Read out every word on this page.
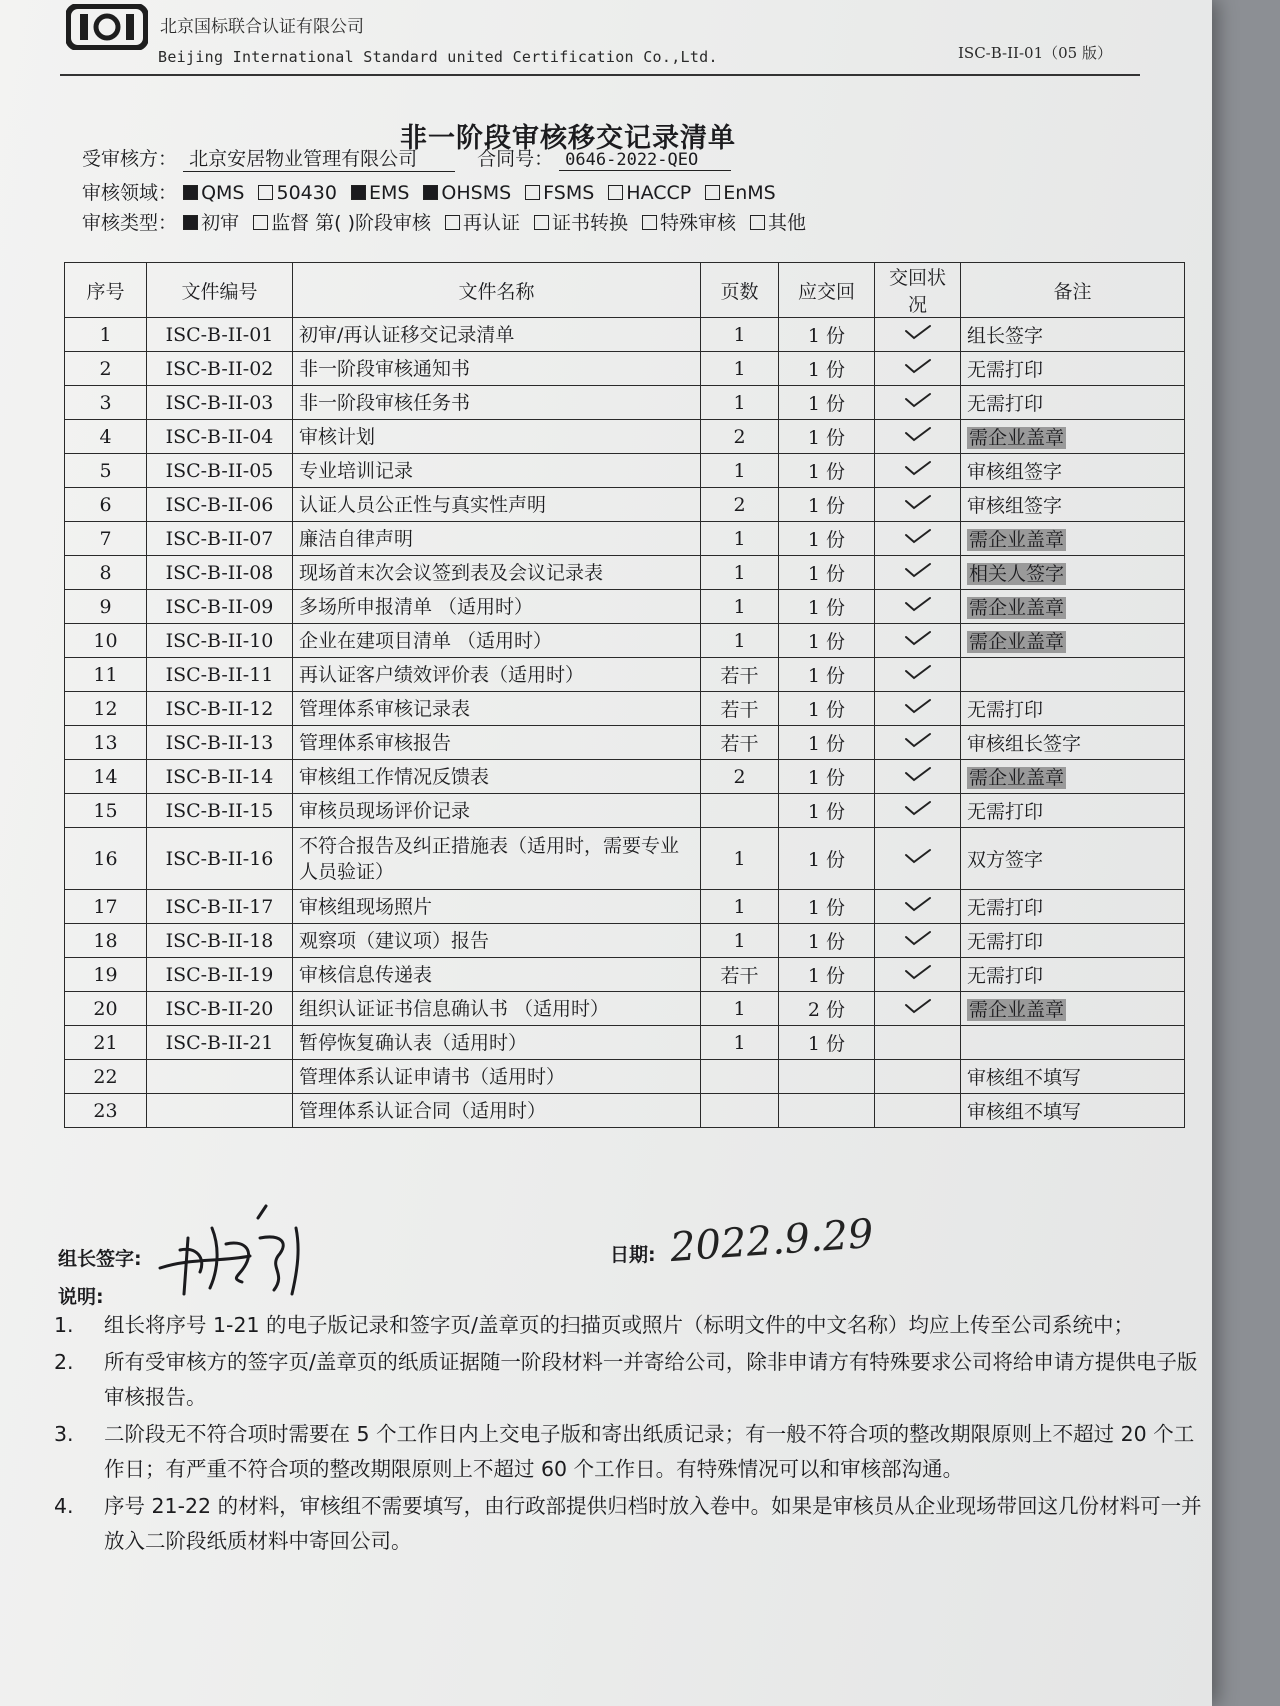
北京国标联合认证有限公司
Beijing International Standard united Certification Co.,Ltd.	ISC-B-II-01（05 版）
非一阶段审核移交记录清单
受审核方： 北京安居物业管理有限公司	合同号： 0646-2022-QEO
审核领域： QMS 50430 EMS OHSMS FSMS HACCP EnMS
审核类型： 初审 监督 第( )阶段审核 再认证 证书转换 特殊审核 其他
序号	文件编号	文件名称	页数	应交回	交回状况	备注
1	ISC-B-II-01	初审/再认证移交记录清单	1	1 份		组长签字
2	ISC-B-II-02	非一阶段审核通知书	1	1 份		无需打印
3	ISC-B-II-03	非一阶段审核任务书	1	1 份		无需打印
4	ISC-B-II-04	审核计划	2	1 份		需企业盖章
5	ISC-B-II-05	专业培训记录	1	1 份		审核组签字
6	ISC-B-II-06	认证人员公正性与真实性声明	2	1 份		审核组签字
7	ISC-B-II-07	廉洁自律声明	1	1 份		需企业盖章
8	ISC-B-II-08	现场首末次会议签到表及会议记录表	1	1 份		相关人签字
9	ISC-B-II-09	多场所申报清单 （适用时）	1	1 份		需企业盖章
10	ISC-B-II-10	企业在建项目清单 （适用时）	1	1 份		需企业盖章
11	ISC-B-II-11	再认证客户绩效评价表（适用时）	若干	1 份		
12	ISC-B-II-12	管理体系审核记录表	若干	1 份		无需打印
13	ISC-B-II-13	管理体系审核报告	若干	1 份		审核组长签字
14	ISC-B-II-14	审核组工作情况反馈表	2	1 份		需企业盖章
15	ISC-B-II-15	审核员现场评价记录		1 份		无需打印
16	ISC-B-II-16	不符合报告及纠正措施表（适用时，需要专业人员验证）	1	1 份		双方签字
17	ISC-B-II-17	审核组现场照片	1	1 份		无需打印
18	ISC-B-II-18	观察项（建议项）报告	1	1 份		无需打印
19	ISC-B-II-19	审核信息传递表	若干	1 份		无需打印
20	ISC-B-II-20	组织认证证书信息确认书 （适用时）	1	2 份		需企业盖章
21	ISC-B-II-21	暂停恢复确认表（适用时）	1	1 份		
22		管理体系认证申请书（适用时）				审核组不填写
23		管理体系认证合同（适用时）				审核组不填写
组长签字:	日期: 2022.9.29
说明:
1.	组长将序号 1-21 的电子版记录和签字页/盖章页的扫描页或照片（标明文件的中文名称）均应上传至公司系统中；
2.	所有受审核方的签字页/盖章页的纸质证据随一阶段材料一并寄给公司，除非申请方有特殊要求公司将给申请方提供电子版审核报告。
3.	二阶段无不符合项时需要在 5 个工作日内上交电子版和寄出纸质记录；有一般不符合项的整改期限原则上不超过 20 个工作日；有严重不符合项的整改期限原则上不超过 60 个工作日。有特殊情况可以和审核部沟通。
4.	序号 21-22 的材料，审核组不需要填写，由行政部提供归档时放入卷中。如果是审核员从企业现场带回这几份材料可一并放入二阶段纸质材料中寄回公司。
